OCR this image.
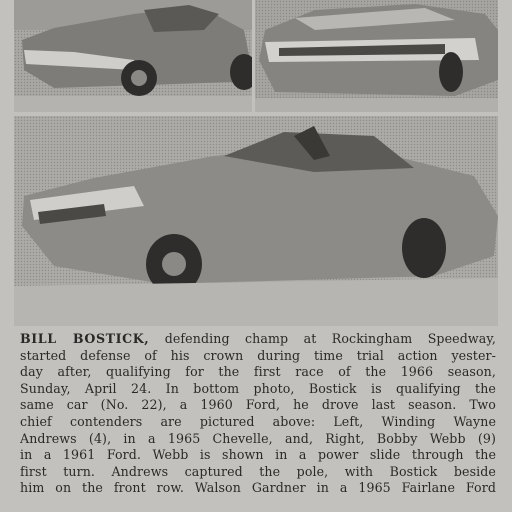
BILL BOSTICK, defending champ at Rockingham Speedway,
started defense of his crown during time trial action yester-
day after, qualifying for the first race of the 1966 season,
Sunday, April 24. In bottom photo, Bostick is qualifying the
same car (No. 22), a 1960 Ford, he drove last season. Two
chief contenders are pictured above: Left, Winding Wayne
Andrews (4), in a 1965 Chevelle, and, Right, Bobby Webb (9)
in a 1961 Ford. Webb is shown in a power slide through the
first turn. Andrews captured the pole, with Bostick beside
him on the front row. Walson Gardner in a 1965 Fairlane Ford
